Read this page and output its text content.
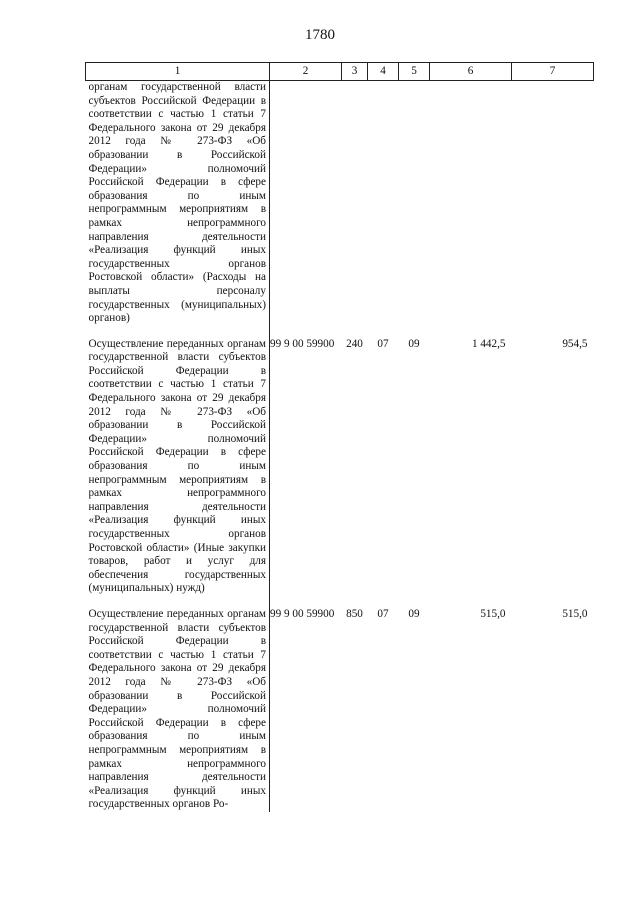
1780
1	2	3	4	5	6	7
органам государственной власти субъектов Российской Федерации в соответствии с частью 1 статьи 7 Федерального закона от 29 декабря 2012 года № 273-ФЗ «Об образовании в Российской Федерации» полномочий Российской Федерации в сфере образования по иным непрограммным мероприятиям в рамках непрограммного направления деятельности «Реализация функций иных государственных органов Ростовской области» (Расходы на выплаты персоналу государственных (муниципальных) органов)						
Осуществление переданных органам государственной власти субъектов Российской Федерации в соответствии с частью 1 статьи 7 Федерального закона от 29 декабря 2012 года № 273-ФЗ «Об образовании в Российской Федерации» полномочий Российской Федерации в сфере образования по иным непрограммным мероприятиям в рамках непрограммного направления деятельности «Реализация функций иных государственных органов Ростовской области» (Иные закупки товаров, работ и услуг для обеспечения государственных (муниципальных) нужд)	99 9 00 59900	240	07	09	1 442,5	954,5
Осуществление переданных органам государственной власти субъектов Российской Федерации в соответствии с частью 1 статьи 7 Федерального закона от 29 декабря 2012 года № 273-ФЗ «Об образовании в Российской Федерации» полномочий Российской Федерации в сфере образования по иным непрограммным мероприятиям в рамках непрограммного направления деятельности «Реализация функций иных государственных органов Ро-	99 9 00 59900	850	07	09	515,0	515,0
